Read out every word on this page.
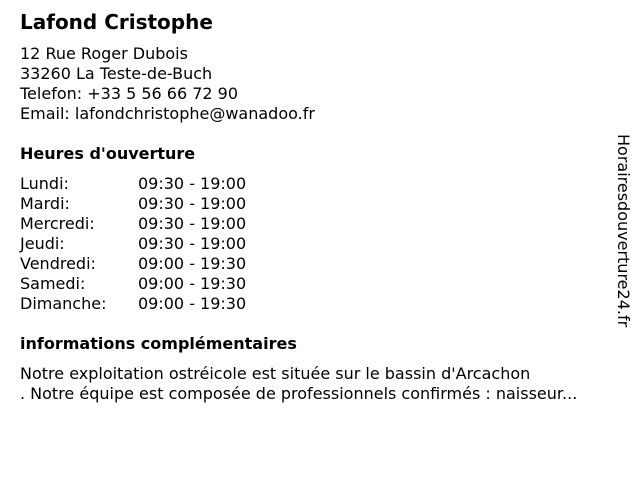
Lafond Cristophe
12 Rue Roger Dubois
33260 La Teste-de-Buch
Telefon: +33 5 56 66 72 90
Email: lafondchristophe@wanadoo.fr
Heures d'ouverture
Lundi:	09:30 - 19:00
Mardi:	09:30 - 19:00
Mercredi:	09:30 - 19:00
Jeudi:	09:30 - 19:00
Vendredi:	09:00 - 19:30
Samedi:	09:00 - 19:30
Dimanche:	09:00 - 19:30
informations complémentaires
Notre exploitation ostréicole est située sur le bassin d'Arcachon
. Notre équipe est composée de professionnels confirmés : naisseur...
Horairesdouverture24.fr
